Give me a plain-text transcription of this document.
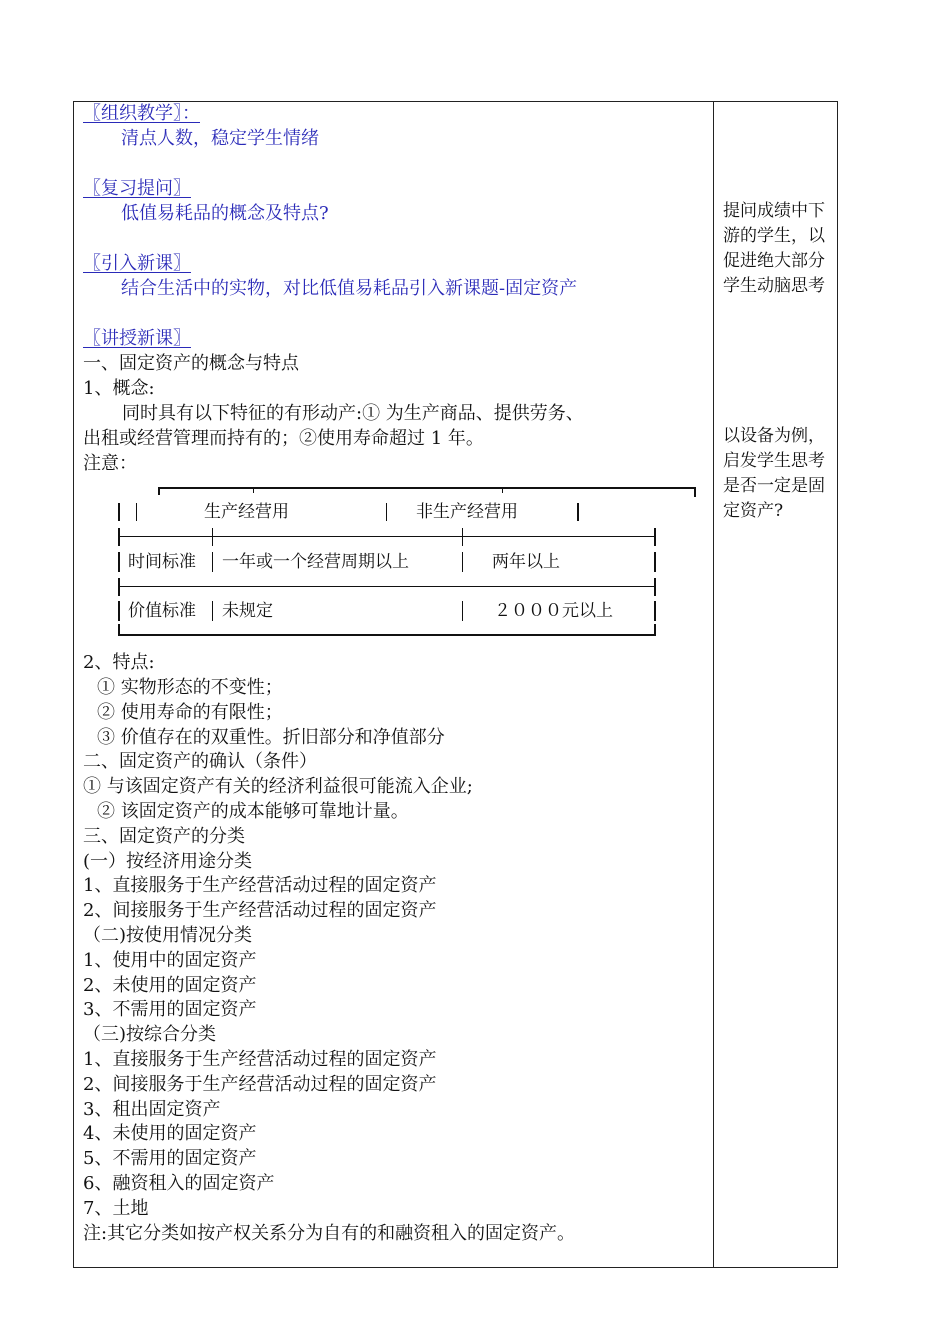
〖组织教学〗：
清点人数，稳定学生情绪
〖复习提问〗
低值易耗品的概念及特点?
〖引入新课〗
结合生活中的实物，对比低值易耗品引入新课题-固定资产
〖讲授新课〗
一、固定资产的概念与特点
1、概念:
同时具有以下特征的有形动产:① 为生产商品、提供劳务、
出租或经营管理而持有的；②使用寿命超过 1 年。
注意：
生产经营用	非生产经营用
时间标准 一年或一个经营周期以上	两年以上
价值标准 未规定	２０００元以上
2、特点:
① 实物形态的不变性；
② 使用寿命的有限性；
③ 价值存在的双重性。折旧部分和净值部分
二、固定资产的确认（条件）
① 与该固定资产有关的经济利益很可能流入企业;
② 该固定资产的成本能够可靠地计量。
三、固定资产的分类
(一）按经济用途分类
1、直接服务于生产经营活动过程的固定资产
2、间接服务于生产经营活动过程的固定资产
（二)按使用情况分类
1、使用中的固定资产
2、未使用的固定资产
3、不需用的固定资产
（三)按综合分类
1、直接服务于生产经营活动过程的固定资产
2、间接服务于生产经营活动过程的固定资产
3、租出固定资产
4、未使用的固定资产
5、不需用的固定资产
6、融资租入的固定资产
7、土地
注:其它分类如按产权关系分为自有的和融资租入的固定资产。
提问成绩中下游的学生，以促进绝大部分学生动脑思考
以设备为例，启发学生思考是否一定是固定资产?
